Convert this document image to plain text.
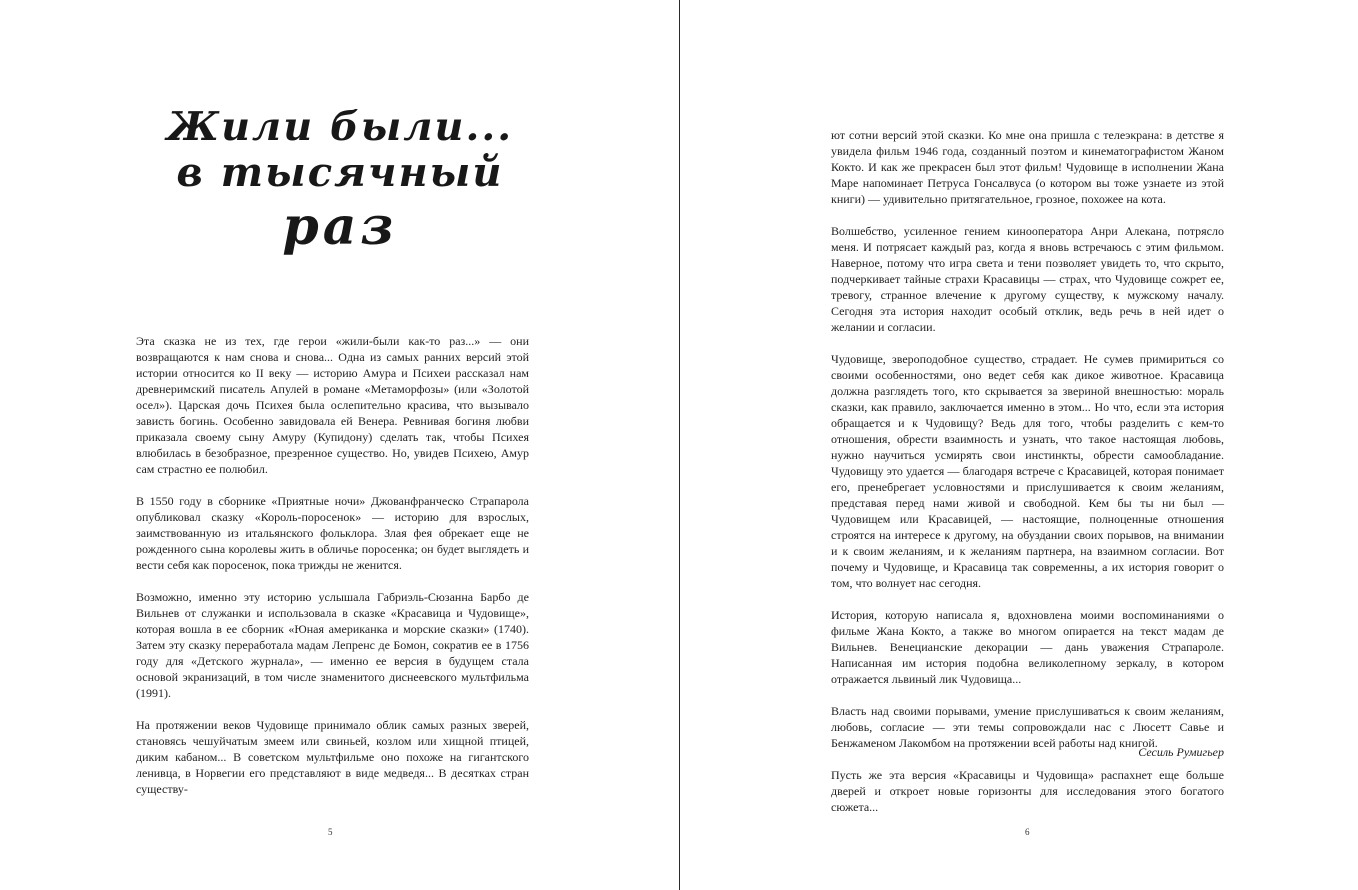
Жили были...
в тысячный
раз

Эта сказка не из тех, где герои «жили-были как-то раз...» — они возвращаются к нам снова и снова... Одна из самых ранних версий этой истории относится ко II веку — историю Амура и Психеи рассказал нам древнеримский писатель Апулей в романе «Метаморфозы» (или «Золотой осел»). Царская дочь Психея была ослепительно красива, что вызывало зависть богинь. Особенно завидовала ей Венера. Ревнивая богиня любви приказала своему сыну Амуру (Купидону) сделать так, чтобы Психея влюбилась в безобразное, презренное существо. Но, увидев Психею, Амур сам страстно ее полюбил.

В 1550 году в сборнике «Приятные ночи» Джованфранческо Страпарола опубликовал сказку «Король-поросенок» — историю для взрослых, заимствованную из итальянского фольклора. Злая фея обрекает еще не рожденного сына королевы жить в обличье поросенка; он будет выглядеть и вести себя как поросенок, пока трижды не женится.

Возможно, именно эту историю услышала Габриэль-Сюзанна Барбо де Вильнев от служанки и использовала в сказке «Красавица и Чудовище», которая вошла в ее сборник «Юная американка и морские сказки» (1740). Затем эту сказку переработала мадам Лепренс де Бомон, сократив ее в 1756 году для «Детского журнала», — именно ее версия в будущем стала основой экранизаций, в том числе знаменитого диснеевского мультфильма (1991).

На протяжении веков Чудовище принимало облик самых разных зверей, становясь чешуйчатым змеем или свиньей, козлом или хищной птицей, диким кабаном... В советском мультфильме оно похоже на гигантского ленивца, в Норвегии его представляют в виде медведя... В десятках стран существу-

5

ют сотни версий этой сказки. Ко мне она пришла с телеэкрана: в детстве я увидела фильм 1946 года, созданный поэтом и кинематографистом Жаном Кокто. И как же прекрасен был этот фильм! Чудовище в исполнении Жана Маре напоминает Петруса Гонсалвуса (о котором вы тоже узнаете из этой книги) — удивительно притягательное, грозное, похожее на кота.

Волшебство, усиленное гением кинооператора Анри Алекана, потрясло меня. И потрясает каждый раз, когда я вновь встречаюсь с этим фильмом. Наверное, потому что игра света и тени позволяет увидеть то, что скрыто, подчеркивает тайные страхи Красавицы — страх, что Чудовище сожрет ее, тревогу, странное влечение к другому существу, к мужскому началу. Сегодня эта история находит особый отклик, ведь речь в ней идет о желании и согласии.

Чудовище, звероподобное существо, страдает. Не сумев примириться со своими особенностями, оно ведет себя как дикое животное. Красавица должна разглядеть того, кто скрывается за звериной внешностью: мораль сказки, как правило, заключается именно в этом... Но что, если эта история обращается и к Чудовищу? Ведь для того, чтобы разделить с кем-то отношения, обрести взаимность и узнать, что такое настоящая любовь, нужно научиться усмирять свои инстинкты, обрести самообладание. Чудовищу это удается — благодаря встрече с Красавицей, которая понимает его, пренебрегает условностями и прислушивается к своим желаниям, представая перед нами живой и свободной. Кем бы ты ни был — Чудовищем или Красавицей, — настоящие, полноценные отношения строятся на интересе к другому, на обуздании своих порывов, на внимании и к своим желаниям, и к желаниям партнера, на взаимном согласии. Вот почему и Чудовище, и Красавица так современны, а их история говорит о том, что волнует нас сегодня.

История, которую написала я, вдохновлена моими воспоминаниями о фильме Жана Кокто, а также во многом опирается на текст мадам де Вильнев. Венецианские декорации — дань уважения Страпароле. Написанная им история подобна великолепному зеркалу, в котором отражается львиный лик Чудовища...

Власть над своими порывами, умение прислушиваться к своим желаниям, любовь, согласие — эти темы сопровождали нас с Люсетт Савье и Бенжаменом Лакомбом на протяжении всей работы над книгой.

Пусть же эта версия «Красавицы и Чудовища» распахнет еще больше дверей и откроет новые горизонты для исследования этого богатого сюжета...

Сесиль Румигьер
6
